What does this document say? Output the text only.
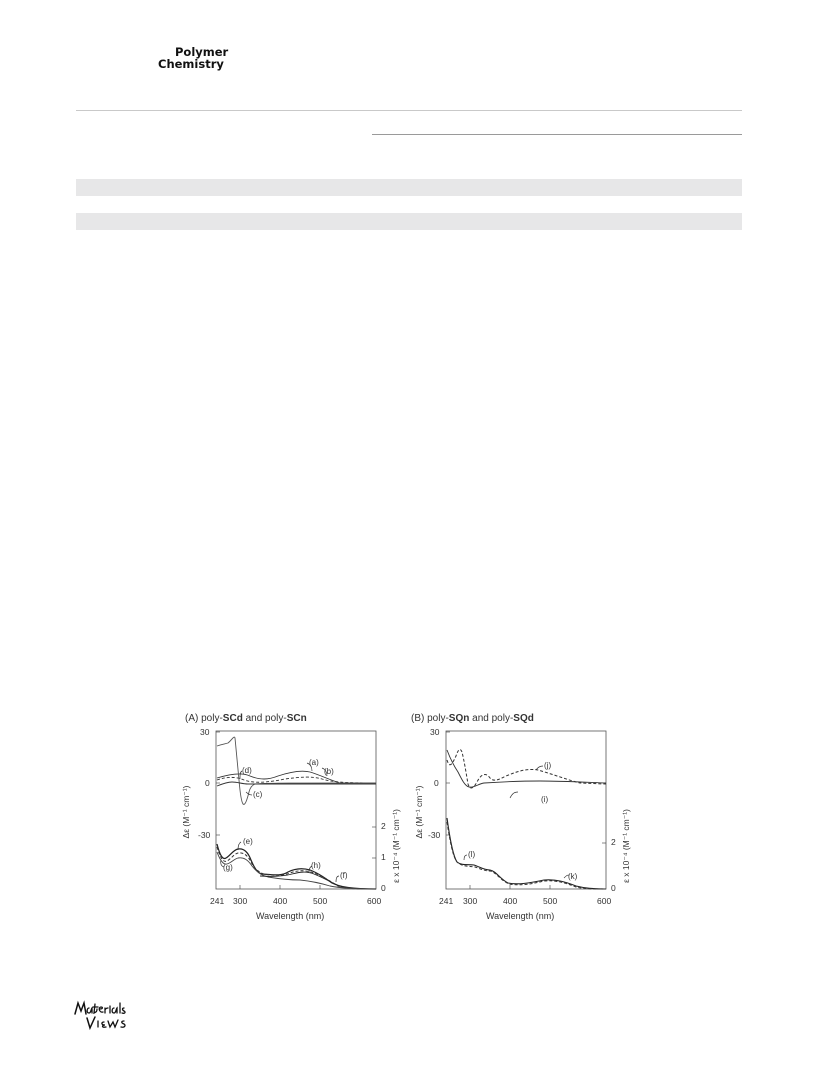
Polymer
Chemistry
(A) poly-SCd and poly-SCn
30
0
-30
2
1
0
241 300	400	500	600
Wavelength (nm)
Δε (M⁻¹ cm⁻¹)	ε x 10⁻⁴ (M⁻¹ cm⁻¹)
(a)
(b)
(c)
(d)
(e)
(f)
(g)	(h)
(B) poly-SQn and poly-SQd
30
0
-30
2
0
241 300	400	500	600
Wavelength (nm)
Δε (M⁻¹ cm⁻¹)	ε x 10⁻⁴ (M⁻¹ cm⁻¹)
(i)
(j)
(k)
(l)
